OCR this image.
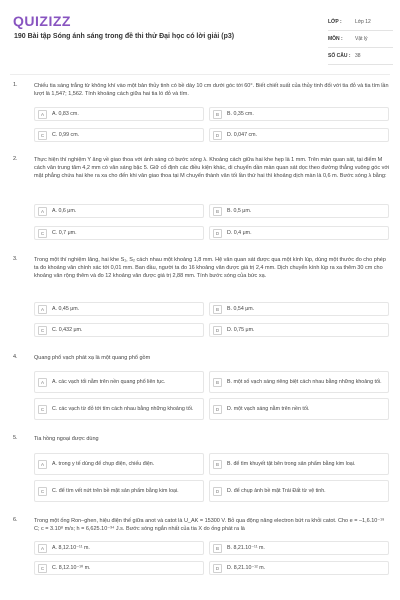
QUIZIZZ
190 Bài tập Sóng ánh sáng trong đề thi thử Đại học có lời giải (p3)
LỚP :	Lớp 12
MÔN :	Vật lý
SỐ CÂU : 38
1.	Chiếu tia sáng trắng từ không khí vào một bản thủy tinh có bề dày 10 cm dưới góc tới 60°. Biết chiết suất của thủy tinh đối với tia đỏ và tia tím lần lượt là 1,547; 1,562. Tính khoảng cách giữa hai tia ló đỏ và tím.
A	A. 0,83 cm.	B	B. 0,35 cm.
C	C. 0,99 cm.	D	D. 0,047 cm.
2.	Thực hiện thí nghiệm Y âng về giao thoa với ánh sáng có bước sóng λ. Khoảng cách giữa hai khe hẹp là 1 mm. Trên màn quan sát, tại điểm M cách vân trung tâm 4,2 mm có vân sáng bậc 5. Giữ cố định các điều kiện khác, di chuyển dần màn quan sát dọc theo đường thẳng vuông góc với mặt phẳng chứa hai khe ra xa cho đến khi vân giao thoa tại M chuyển thành vân tối lần thứ hai thì khoảng dịch màn là 0,6 m. Bước sóng λ bằng:
A	A. 0,6 μm.	B	B. 0,5 μm.
C	C. 0,7 μm.	D	D. 0,4 μm.
3.	Trong một thí nghiệm Iâng, hai khe S₁, S₂ cách nhau một khoảng 1,8 mm. Hệ vân quan sát được qua một kính lúp, dùng một thước đo cho phép ta đo khoảng vân chính xác tới 0,01 mm. Ban đầu, người ta đo 16 khoảng vân được giá trị 2,4 mm. Dịch chuyển kính lúp ra xa thêm 30 cm cho khoảng vân rộng thêm và đo 12 khoảng vân được giá trị 2,88 mm. Tính bước sóng của bức xạ.
A	A. 0,45 μm.	B	B. 0,54 μm.
C	C. 0,432 μm.	D	D. 0,75 μm.
4.	Quang phổ vạch phát xạ là một quang phổ gồm
A	A. các vạch tối nằm trên nền quang phổ liên tục.	B	B. một số vạch sáng riêng biệt cách nhau bằng những khoảng tối.
C	C. các vạch từ đỏ tới tím cách nhau bằng những khoảng tối.	D	D. một vạch sáng nằm trên nền tối.
5.	Tia hồng ngoại được dùng
A	A. trong y tế dùng để chụp điện, chiếu điện.	B	B. để tìm khuyết tật bên trong sản phẩm bằng kim loại.
C	C. để tìm vết nứt trên bề mặt sản phẩm bằng kim loại.	D	D. để chụp ảnh bề mặt Trái Đất từ vệ tinh.
6.	Trong một ống Ron–ghen, hiệu điện thế giữa anot và catot là U_AK = 15300 V. Bỏ qua động năng electron bứt ra khỏi catot. Cho e = –1,6.10⁻¹⁹ C; c = 3.10⁸ m/s; h = 6,625.10⁻³⁴ J.s. Bước sóng ngắn nhất của tia X do ống phát ra là
A	A. 8,12.10⁻¹¹ m.	B	B. 8,21.10⁻¹¹ m.
C	C. 8,12.10⁻¹⁰ m.	D	D. 8,21.10⁻¹² m.
